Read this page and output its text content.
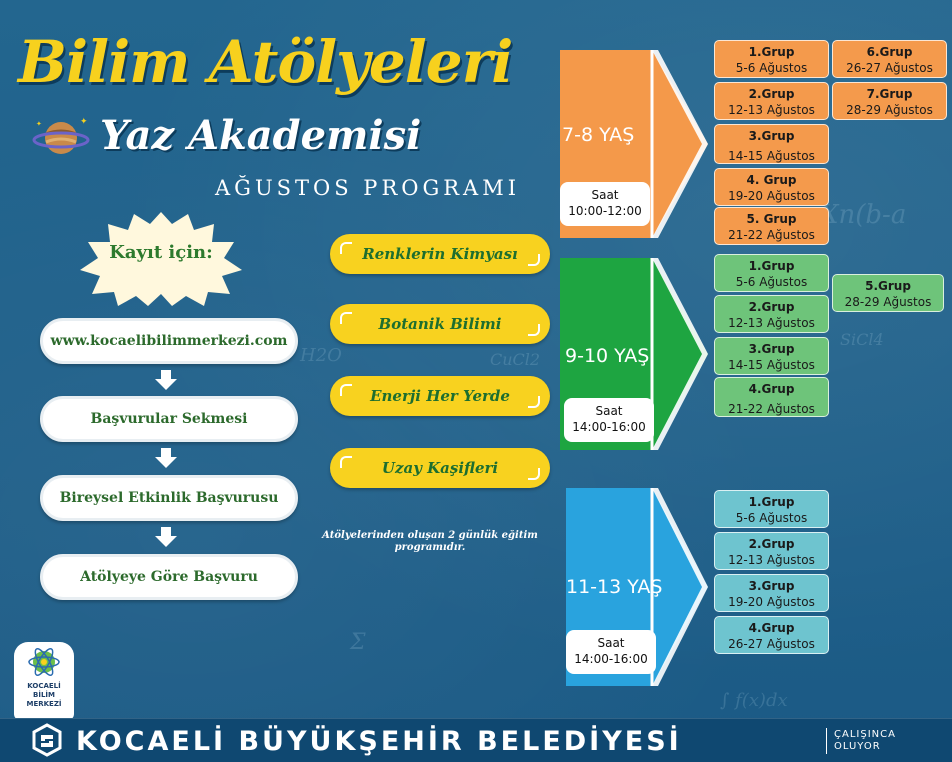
Xn(b-a
SiCl4
H2O	CuCl2
Σ
∫ f(x)dx
Bilim Atölyeleri
✦
✦ Yaz Akademisi
AĞUSTOS PROGRAMI
Kayıt için:
www.kocaelibilimmerkezi.com
Başvurular Sekmesi
Bireysel Etkinlik Başvurusu
Atölyeye Göre Başvuru
Renklerin Kimyası
Botanik Bilimi
Enerji Her Yerde
Uzay Kaşifleri
Atölyelerinden oluşan 2 günlük eğitim programıdır.
7-8 YAŞ
Saat
10:00-12:00
9-10 YAŞ
Saat
14:00-16:00
11-13 YAŞ
Saat
14:00-16:00
1.Grup
5-6 Ağustos
2.Grup
12-13 Ağustos
3.Grup
14-15 Ağustos
4. Grup
19-20 Ağustos
5. Grup
21-22 Ağustos
6.Grup
26-27 Ağustos
7.Grup
28-29 Ağustos
1.Grup
5-6 Ağustos
2.Grup
12-13 Ağustos
3.Grup
14-15 Ağustos
4.Grup
21-22 Ağustos
5.Grup
28-29 Ağustos
1.Grup
5-6 Ağustos
2.Grup
12-13 Ağustos
3.Grup
19-20 Ağustos
4.Grup
26-27 Ağustos
KOCAELİ
BİLİM
MERKEZİ
KOCAELİ BÜYÜKŞEHİR BELEDİYESİ	ÇALIŞINCA
OLUYOR
